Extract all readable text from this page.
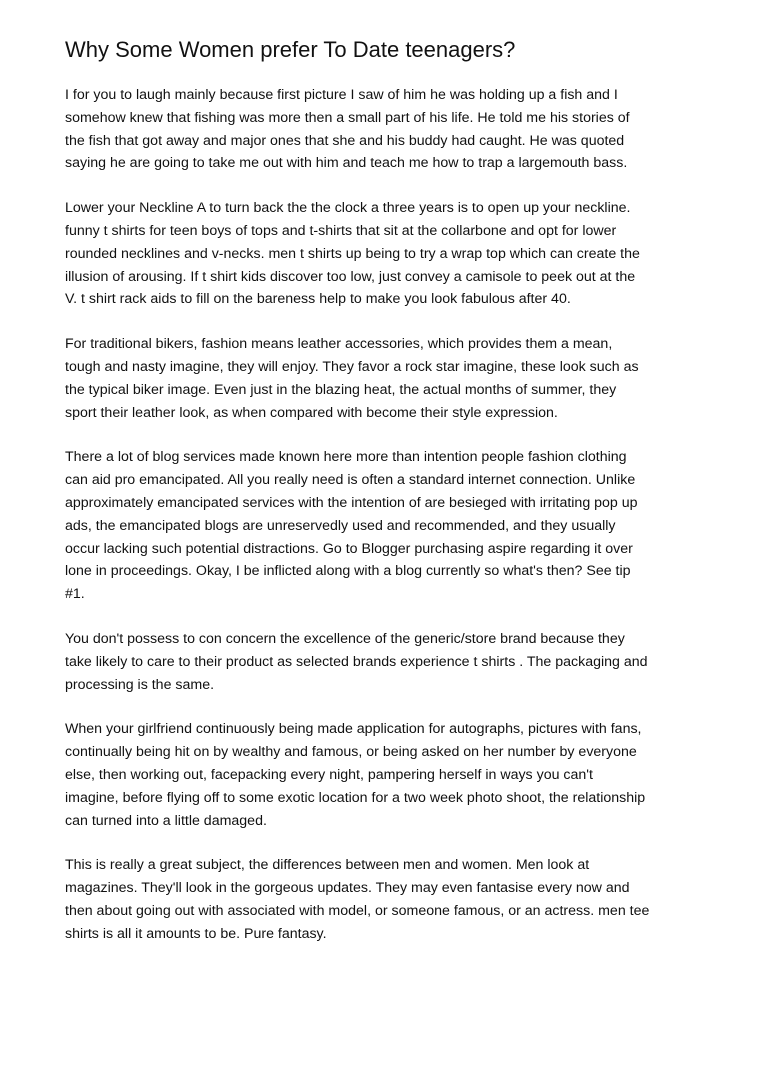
Why Some Women prefer To Date teenagers?

I for you to laugh mainly because first picture I saw of him he was holding up a fish and I
somehow knew that fishing was more then a small part of his life. He told me his stories of
the fish that got away and major ones that she and his buddy had caught. He was quoted
saying he are going to take me out with him and teach me how to trap a largemouth bass.

Lower your Neckline A to turn back the the clock a three years is to open up your neckline.
funny t shirts for teen boys of tops and t-shirts that sit at the collarbone and opt for lower
rounded necklines and v-necks. men t shirts up being to try a wrap top which can create the
illusion of arousing. If t shirt kids discover too low, just convey a camisole to peek out at the
V. t shirt rack aids to fill on the bareness help to make you look fabulous after 40.

For traditional bikers, fashion means leather accessories, which provides them a mean,
tough and nasty imagine, they will enjoy. They favor a rock star imagine, these look such as
the typical biker image. Even just in the blazing heat, the actual months of summer, they
sport their leather look, as when compared with become their style expression.

There a lot of blog services made known here more than intention people fashion clothing
can aid pro emancipated. All you really need is often a standard internet connection. Unlike
approximately emancipated services with the intention of are besieged with irritating pop up
ads, the emancipated blogs are unreservedly used and recommended, and they usually
occur lacking such potential distractions. Go to Blogger purchasing aspire regarding it over
lone in proceedings. Okay, I be inflicted along with a blog currently so what's then? See tip
#1.

You don't possess to con concern the excellence of the generic/store brand because they
take likely to care to their product as selected brands experience t shirts . The packaging and
processing is the same.

When your girlfriend continuously being made application for autographs, pictures with fans,
continually being hit on by wealthy and famous, or being asked on her number by everyone
else, then working out, facepacking every night, pampering herself in ways you can't
imagine, before flying off to some exotic location for a two week photo shoot, the relationship
can turned into a little damaged.

This is really a great subject, the differences between men and women. Men look at
magazines. They'll look in the gorgeous updates. They may even fantasise every now and
then about going out with associated with model, or someone famous, or an actress. men tee
shirts is all it amounts to be. Pure fantasy.
